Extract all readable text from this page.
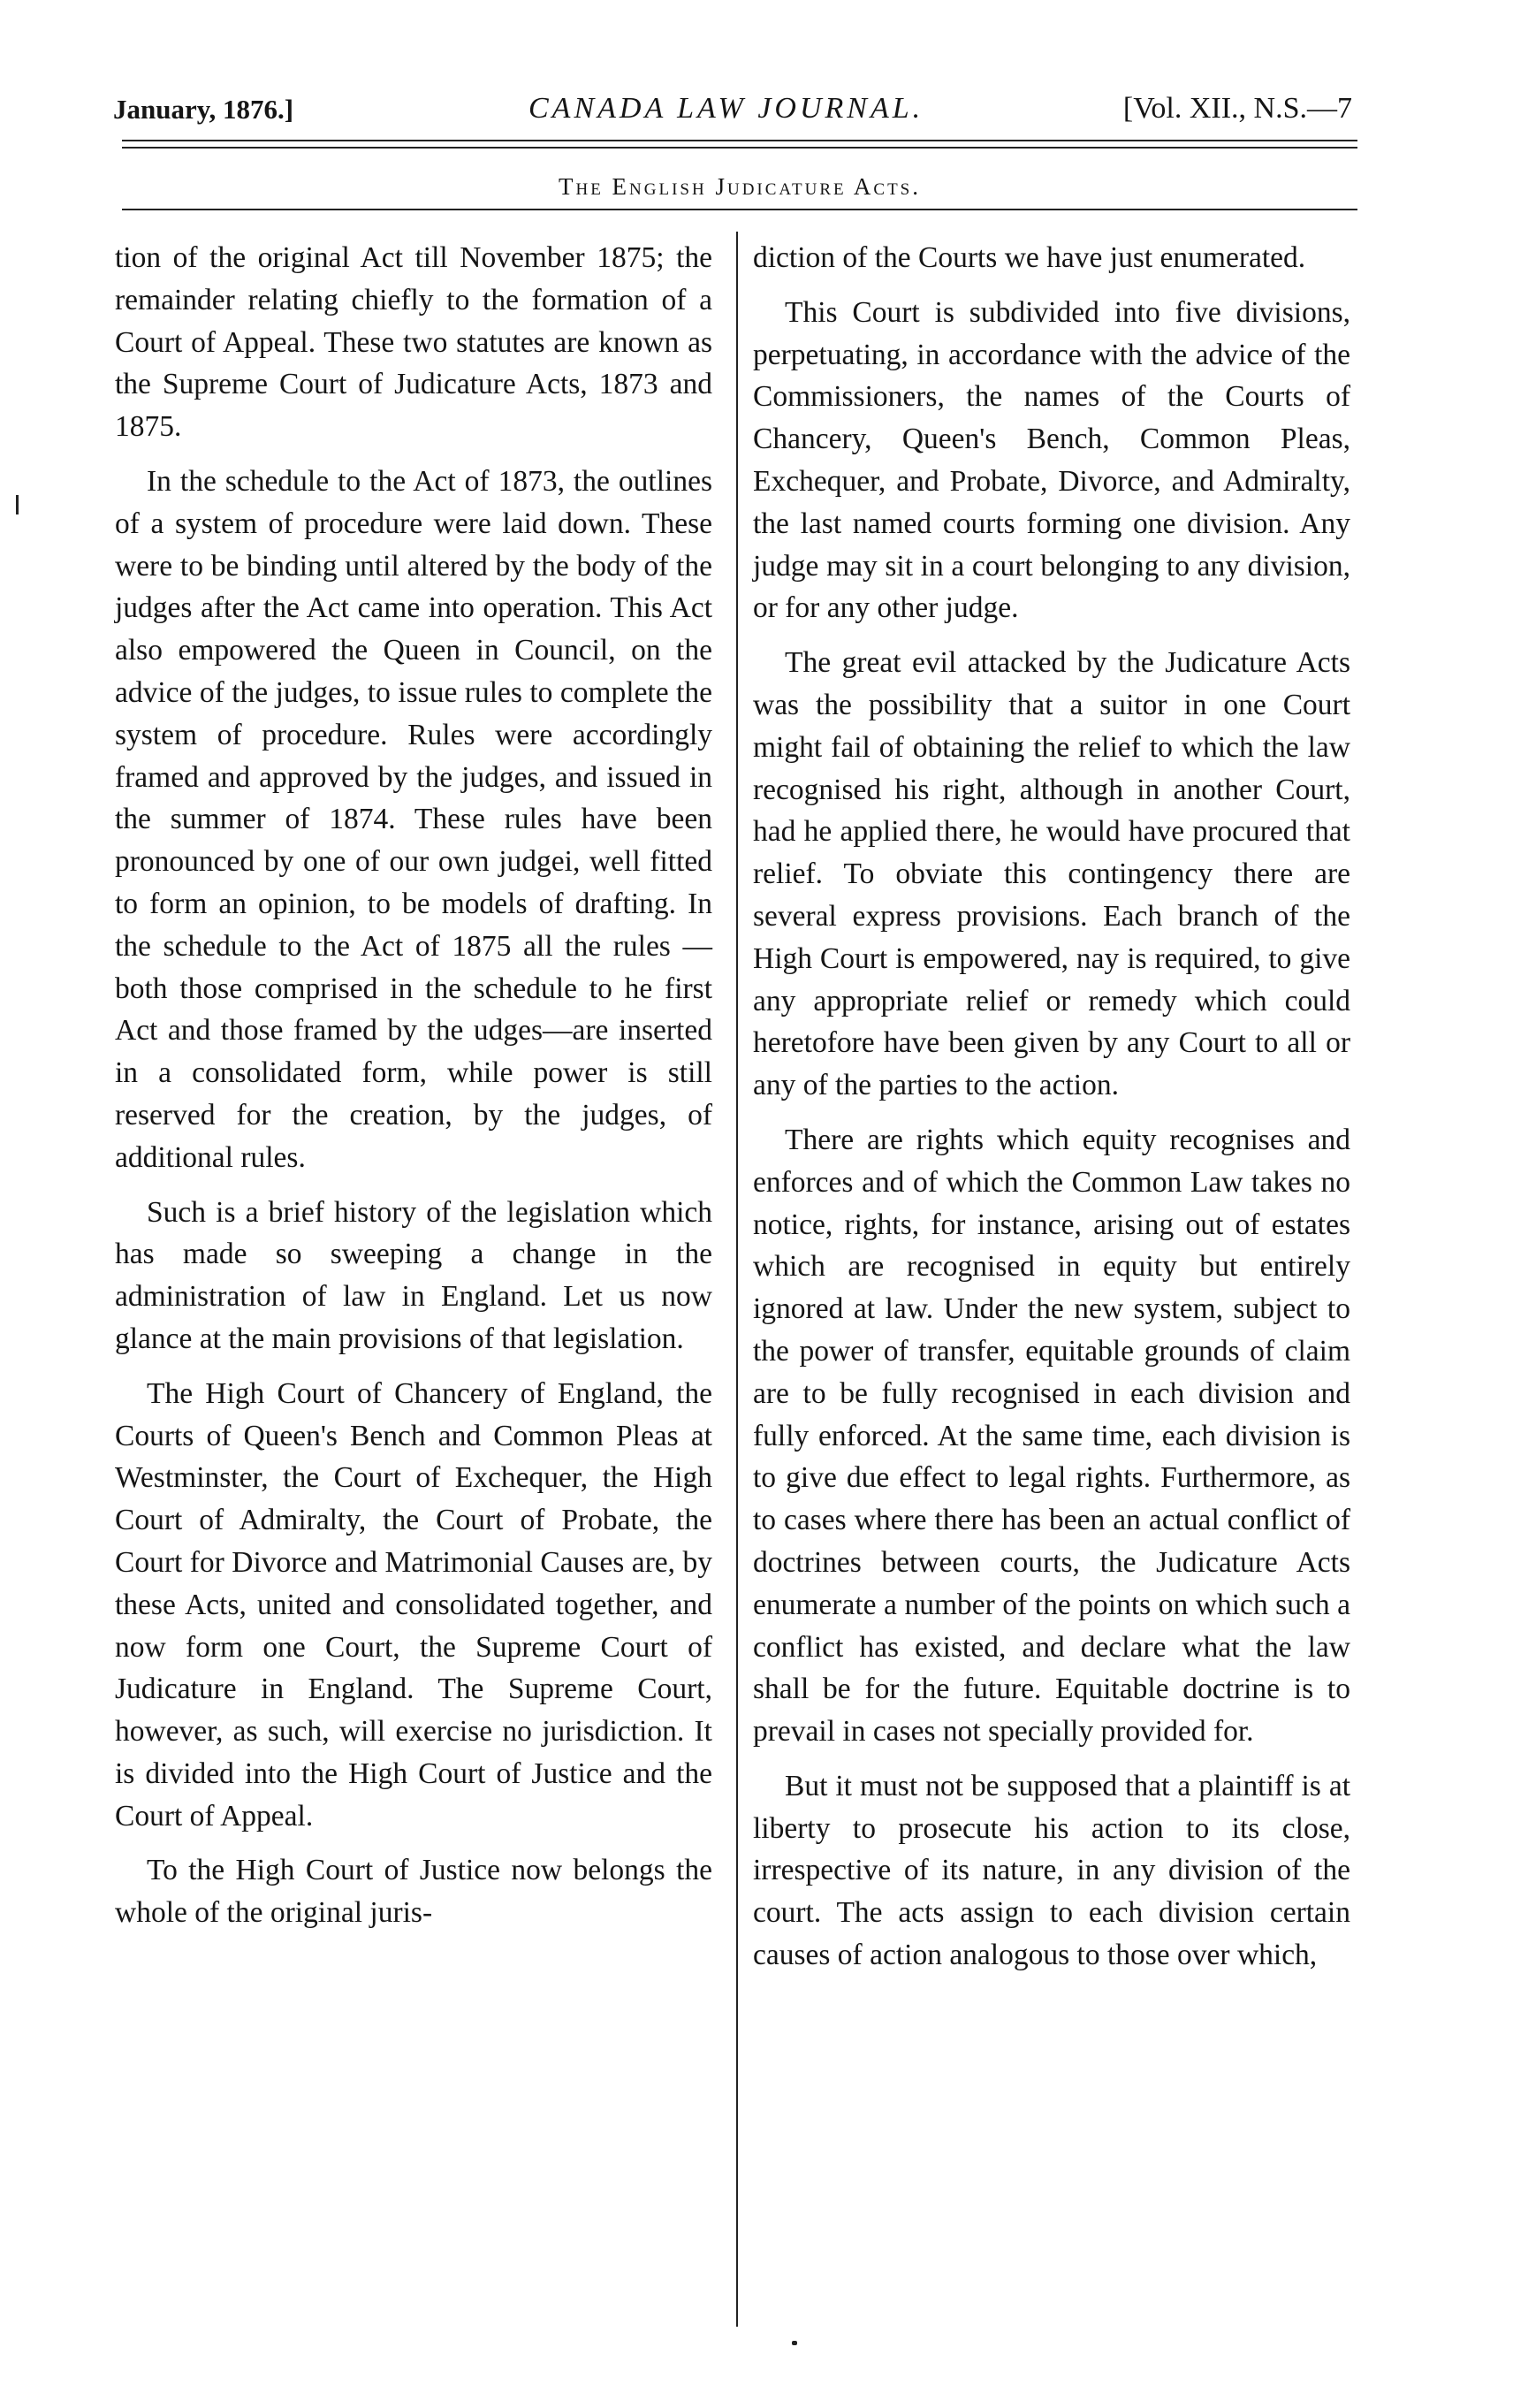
January, 1876.]	CANADA LAW JOURNAL.	[Vol. XII., N.S.—7
The English Judicature Acts.

tion of the original Act till November 1875; the remainder relating chiefly to the formation of a Court of Appeal. These two statutes are known as the Supreme Court of Judicature Acts, 1873 and 1875.

In the schedule to the Act of 1873, the outlines of a system of procedure were laid down. These were to be binding until altered by the body of the judges after the Act came into operation. This Act also empowered the Queen in Council, on the advice of the judges, to issue rules to complete the system of procedure. Rules were accordingly framed and approved by the judges, and issued in the summer of 1874. These rules have been pronounced by one of our own judgei, well fitted to form an opinion, to be models of drafting. In the schedule to the Act of 1875 all the rules —both those comprised in the schedule to he first Act and those framed by the udges—are inserted in a consolidated form, while power is still reserved for the creation, by the judges, of additional rules.

Such is a brief history of the legislation which has made so sweeping a change in the administration of law in England. Let us now glance at the main provisions of that legislation.

The High Court of Chancery of England, the Courts of Queen's Bench and Common Pleas at Westminster, the Court of Exchequer, the High Court of Admiralty, the Court of Probate, the Court for Divorce and Matrimonial Causes are, by these Acts, united and consolidated together, and now form one Court, the Supreme Court of Judicature in England. The Supreme Court, however, as such, will exercise no jurisdiction. It is divided into the High Court of Justice and the Court of Appeal.

To the High Court of Justice now belongs the whole of the original juris-

diction of the Courts we have just enumerated.

This Court is subdivided into five divisions, perpetuating, in accordance with the advice of the Commissioners, the names of the Courts of Chancery, Queen's Bench, Common Pleas, Exchequer, and Probate, Divorce, and Admiralty, the last named courts forming one division. Any judge may sit in a court belonging to any division, or for any other judge.

The great evil attacked by the Judicature Acts was the possibility that a suitor in one Court might fail of obtaining the relief to which the law recognised his right, although in another Court, had he applied there, he would have procured that relief. To obviate this contingency there are several express provisions. Each branch of the High Court is empowered, nay is required, to give any appropriate relief or remedy which could heretofore have been given by any Court to all or any of the parties to the action.

There are rights which equity recognises and enforces and of which the Common Law takes no notice, rights, for instance, arising out of estates which are recognised in equity but entirely ignored at law. Under the new system, subject to the power of transfer, equitable grounds of claim are to be fully recognised in each division and fully enforced. At the same time, each division is to give due effect to legal rights. Furthermore, as to cases where there has been an actual conflict of doctrines between courts, the Judicature Acts enumerate a number of the points on which such a conflict has existed, and declare what the law shall be for the future. Equitable doctrine is to prevail in cases not specially provided for.

But it must not be supposed that a plaintiff is at liberty to prosecute his action to its close, irrespective of its nature, in any division of the court. The acts assign to each division certain causes of action analogous to those over which,
